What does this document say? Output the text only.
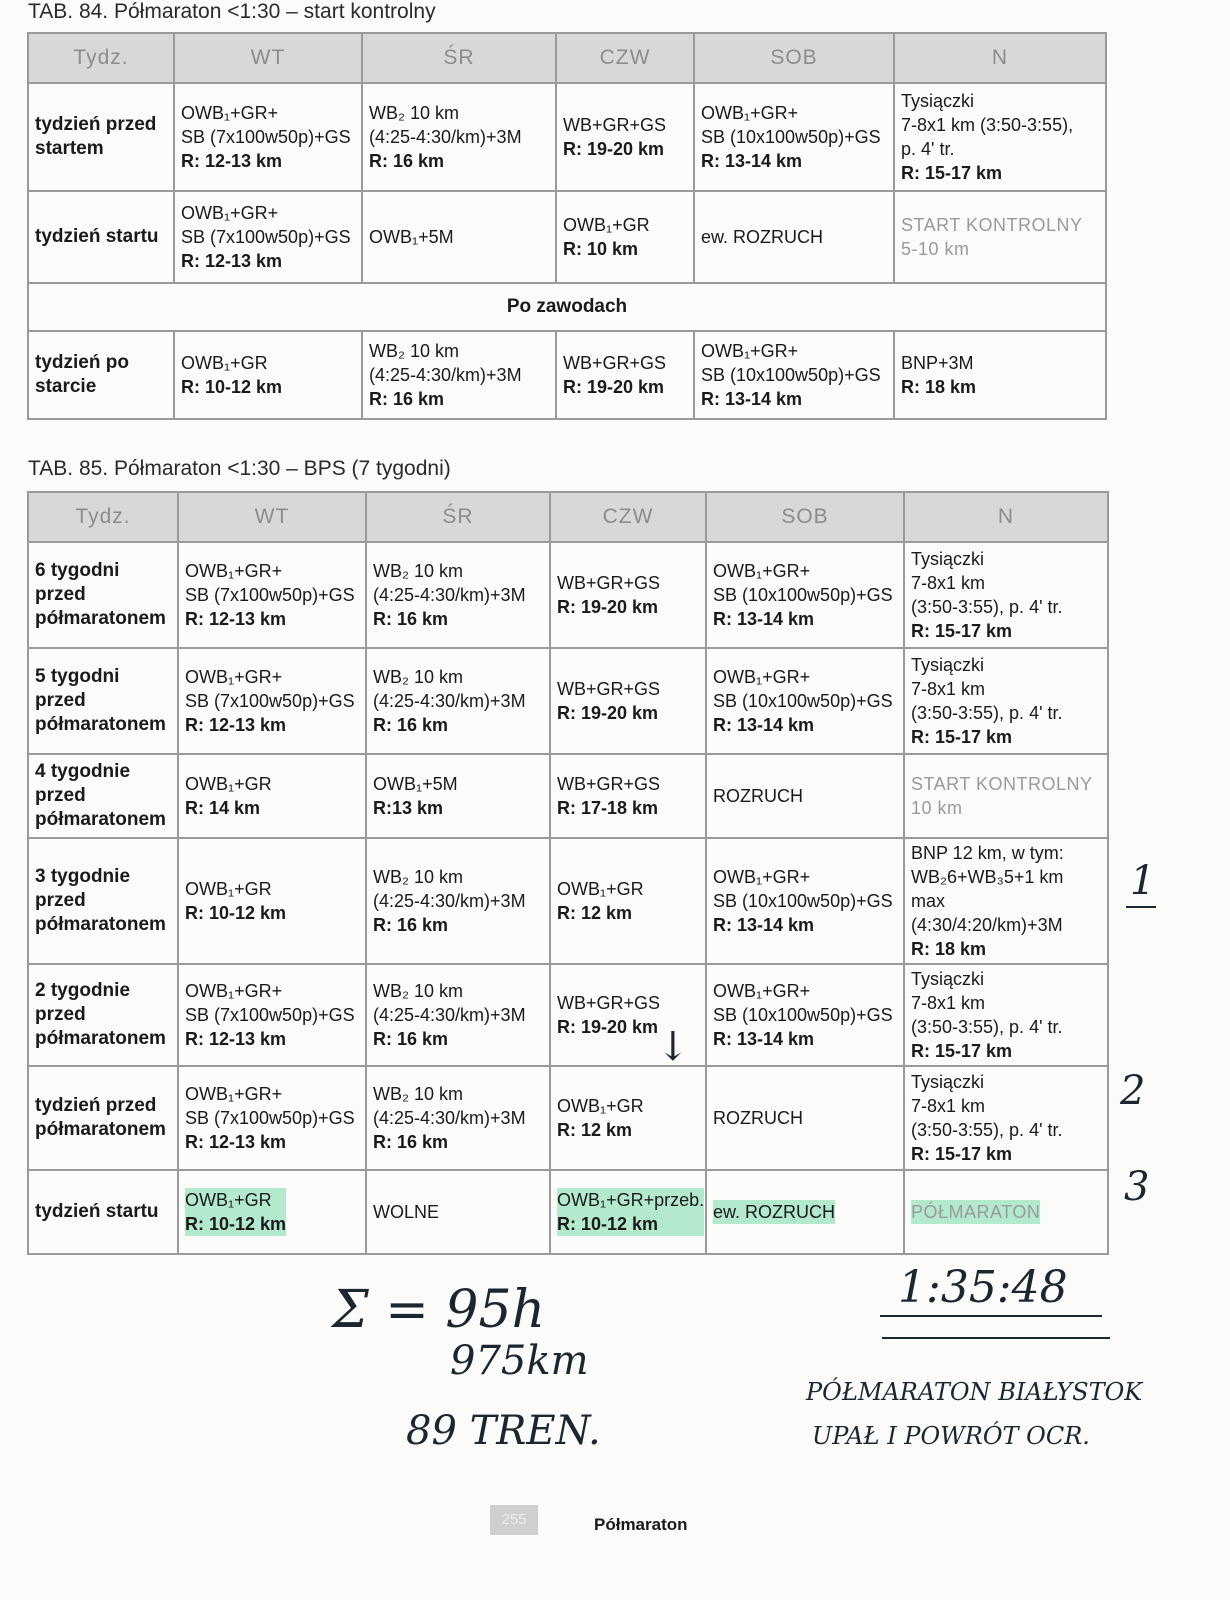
TAB. 84. Półmaraton <1:30 – start kontrolny
Tydz.	WT	ŚR	CZW	SOB	N
tydzień przed startem	OWB₁+GR+
SB (7x100w50p)+GS
R: 12-13 km	WB₂ 10 km
(4:25-4:30/km)+3M
R: 16 km	WB+GR+GS
R: 19-20 km	OWB₁+GR+
SB (10x100w50p)+GS
R: 13-14 km	Tysiączki
7-8x1 km (3:50-3:55),
p. 4' tr.
R: 15-17 km

tydzień startu	OWB₁+GR+
SB (7x100w50p)+GS
R: 12-13 km	OWB₁+5M	OWB₁+GR
R: 10 km	ew. ROZRUCH	START KONTROLNY
5-10 km

Po zawodach					
tydzień po starcie	OWB₁+GR
R: 10-12 km	WB₂ 10 km
(4:25-4:30/km)+3M
R: 16 km	WB+GR+GS
R: 19-20 km	OWB₁+GR+
SB (10x100w50p)+GS
R: 13-14 km	BNP+3M
R: 18 km
TAB. 85. Półmaraton <1:30 – BPS (7 tygodni)
Tydz.	WT	ŚR	CZW	SOB	N
6 tygodni przed półmaratonem	OWB₁+GR+
SB (7x100w50p)+GS
R: 12-13 km	WB₂ 10 km
(4:25-4:30/km)+3M
R: 16 km	WB+GR+GS
R: 19-20 km	OWB₁+GR+
SB (10x100w50p)+GS
R: 13-14 km	Tysiączki
7-8x1 km
(3:50-3:55), p. 4' tr.
R: 15-17 km

5 tygodni przed półmaratonem	OWB₁+GR+
SB (7x100w50p)+GS
R: 12-13 km	WB₂ 10 km
(4:25-4:30/km)+3M
R: 16 km	WB+GR+GS
R: 19-20 km	OWB₁+GR+
SB (10x100w50p)+GS
R: 13-14 km	Tysiączki
7-8x1 km
(3:50-3:55), p. 4' tr.
R: 15-17 km

4 tygodnie przed półmaratonem	OWB₁+GR
R: 14 km	OWB₁+5M
R:13 km	WB+GR+GS
R: 17-18 km	ROZRUCH	START KONTROLNY
10 km

3 tygodnie przed półmaratonem	OWB₁+GR
R: 10-12 km	WB₂ 10 km
(4:25-4:30/km)+3M
R: 16 km	OWB₁+GR
R: 12 km	OWB₁+GR+
SB (10x100w50p)+GS
R: 13-14 km	BNP 12 km, w tym:
WB₂6+WB₃5+1 km max
(4:30/4:20/km)+3M
R: 18 km

2 tygodnie przed półmaratonem	OWB₁+GR+
SB (7x100w50p)+GS
R: 12-13 km	WB₂ 10 km
(4:25-4:30/km)+3M
R: 16 km	WB+GR+GS
R: 19-20 km	OWB₁+GR+
SB (10x100w50p)+GS
R: 13-14 km	Tysiączki
7-8x1 km
(3:50-3:55), p. 4' tr.
R: 15-17 km

tydzień przed półmaratonem	OWB₁+GR+
SB (7x100w50p)+GS
R: 12-13 km	WB₂ 10 km
(4:25-4:30/km)+3M
R: 16 km	OWB₁+GR
R: 12 km	ROZRUCH	Tysiączki
7-8x1 km
(3:50-3:55), p. 4' tr.
R: 15-17 km

tydzień startu	OWB₁+GR
R: 10-12 km	WOLNE	OWB₁+GR+przeb.
R: 10-12 km	ew. ROZRUCH	PÓŁMARATON
1
2
3
↓
Σ = 95h
975km
89 TREN.
1:35:48
PÓŁMARATON BIAŁYSTOK
UPAŁ I POWRÓT OCR.
255	Półmaraton
